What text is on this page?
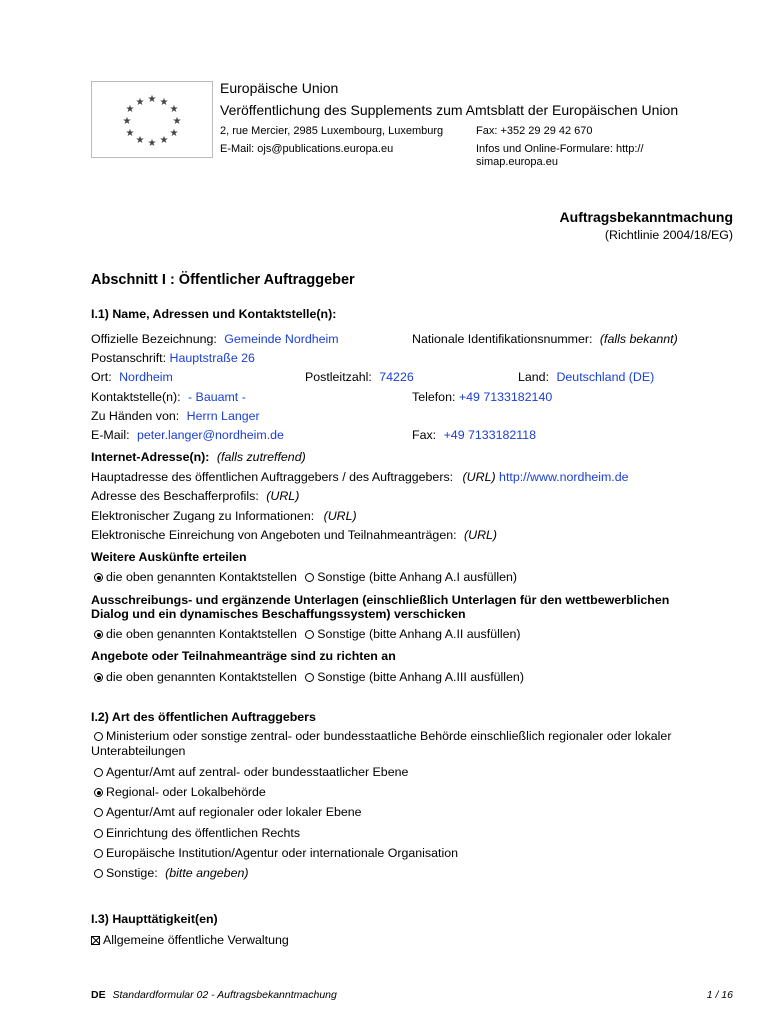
★ ★
★
★
★
★
★
★
★
★
★
★
Europäische Union
Veröffentlichung des Supplements zum Amtsblatt der Europäischen Union
2, rue Mercier, 2985 Luxembourg, Luxemburg	Fax: +352 29 29 42 670
E-Mail: ojs@publications.europa.eu	Infos und Online-Formulare: http://
simap.europa.eu
Auftragsbekanntmachung
(Richtlinie 2004/18/EG)
Abschnitt I : Öffentlicher Auftraggeber
I.1) Name, Adressen und Kontaktstelle(n):
Offizielle Bezeichnung: Gemeinde Nordheim	Nationale Identifikationsnummer: (falls bekannt)
Postanschrift: Hauptstraße 26
Ort: Nordheim	Postleitzahl: 74226	Land: Deutschland (DE)
Kontaktstelle(n): - Bauamt -	Telefon: +49 7133182140
Zu Händen von: Herrn Langer
E-Mail: peter.langer@nordheim.de	Fax: +49 7133182118
Internet-Adresse(n): (falls zutreffend)
Hauptadresse des öffentlichen Auftraggebers / des Auftraggebers: (URL) http://www.nordheim.de
Adresse des Beschafferprofils: (URL)
Elektronischer Zugang zu Informationen: (URL)
Elektronische Einreichung von Angeboten und Teilnahmeanträgen: (URL)
Weitere Auskünfte erteilen
die oben genannten Kontaktstellen Sonstige (bitte Anhang A.I ausfüllen)
Ausschreibungs- und ergänzende Unterlagen (einschließlich Unterlagen für den wettbewerblichen
Dialog und ein dynamisches Beschaffungssystem) verschicken
die oben genannten Kontaktstellen Sonstige (bitte Anhang A.II ausfüllen)
Angebote oder Teilnahmeanträge sind zu richten an
die oben genannten Kontaktstellen Sonstige (bitte Anhang A.III ausfüllen)
I.2) Art des öffentlichen Auftraggebers
Ministerium oder sonstige zentral- oder bundesstaatliche Behörde einschließlich regionaler oder lokaler
Unterabteilungen
Agentur/Amt auf zentral- oder bundesstaatlicher Ebene
Regional- oder Lokalbehörde
Agentur/Amt auf regionaler oder lokaler Ebene
Einrichtung des öffentlichen Rechts
Europäische Institution/Agentur oder internationale Organisation
Sonstige: (bitte angeben)
I.3) Haupttätigkeit(en)
Allgemeine öffentliche Verwaltung
DE Standardformular 02 - Auftragsbekanntmachung	1 / 16
